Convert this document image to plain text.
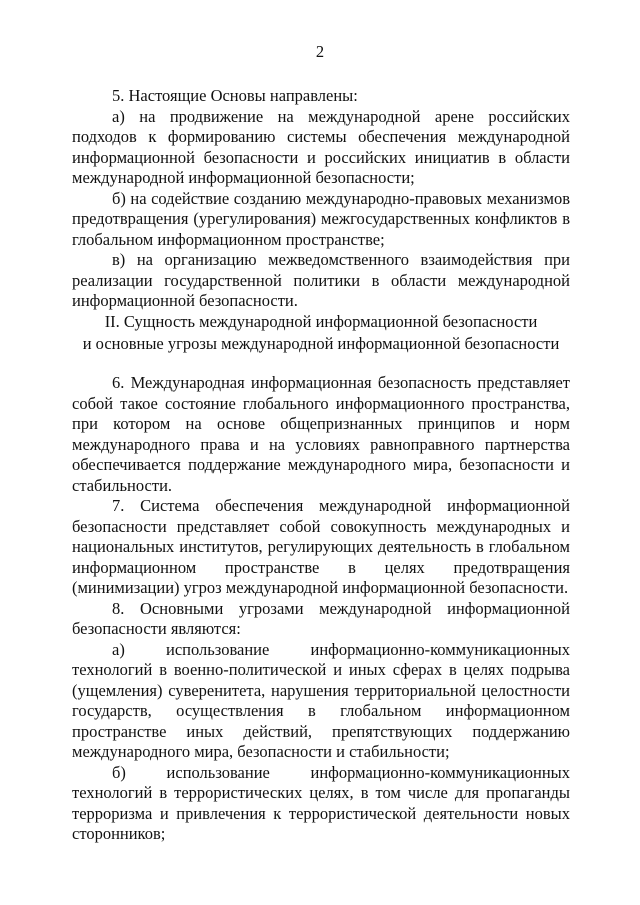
2

5. Настоящие Основы направлены:

а) на продвижение на международной арене российских подходов к формированию системы обеспечения международной информационной безопасности и российских инициатив в области международной информационной безопасности;

б) на содействие созданию международно-правовых механизмов предотвращения (урегулирования) межгосударственных конфликтов в глобальном информационном пространстве;

в) на организацию межведомственного взаимодействия при реализации государственной политики в области международной информационной безопасности.

II. Сущность международной информационной безопасности
и основные угрозы международной информационной безопасности

6. Международная информационная безопасность представляет собой такое состояние глобального информационного пространства, при котором на основе общепризнанных принципов и норм международного права и на условиях равноправного партнерства обеспечивается поддержание международного мира, безопасности и стабильности.

7. Система обеспечения международной информационной безопасности представляет собой совокупность международных и национальных институтов, регулирующих деятельность в глобальном информационном пространстве в целях предотвращения (минимизации) угроз международной информационной безопасности.

8. Основными угрозами международной информационной безопасности являются:

а) использование информационно-коммуникационных технологий в военно-политической и иных сферах в целях подрыва (ущемления) суверенитета, нарушения территориальной целостности государств, осуществления в глобальном информационном пространстве иных действий, препятствующих поддержанию международного мира, безопасности и стабильности;

б) использование информационно-коммуникационных технологий в террористических целях, в том числе для пропаганды терроризма и привлечения к террористической деятельности новых сторонников;
